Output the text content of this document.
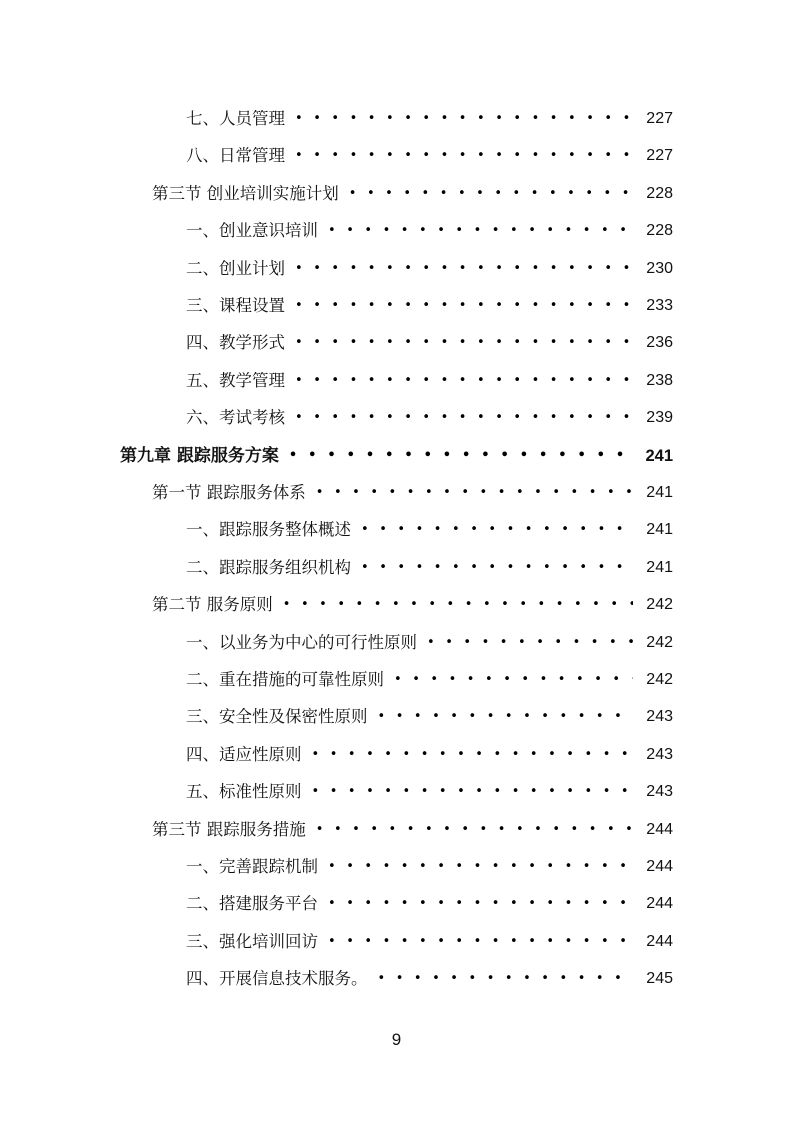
七、人员管理 • • •	227
八、日常管理 • • •	227
第三节 创业培训实施计划 • • •	228
一、创业意识培训 • • •	228
二、创业计划 • • •	230
三、课程设置 • • •	233
四、教学形式 • • •	236
五、教学管理 • • •	238
六、考试考核 • • •	239
第九章 跟踪服务方案 • • •	241
第一节 跟踪服务体系 • • •	241
一、跟踪服务整体概述 • • •	241
二、跟踪服务组织机构 • • •	241
第二节 服务原则 • • •	242
一、以业务为中心的可行性原则 • • •	242
二、重在措施的可靠性原则 • • •	242
三、安全性及保密性原则 • • •	243
四、适应性原则 • • •	243
五、标准性原则 • • •	243
第三节 跟踪服务措施 • • •	244
一、完善跟踪机制 • • •	244
二、搭建服务平台 • • •	244
三、强化培训回访 • • •	244
四、开展信息技术服务。 • • •	245
9
